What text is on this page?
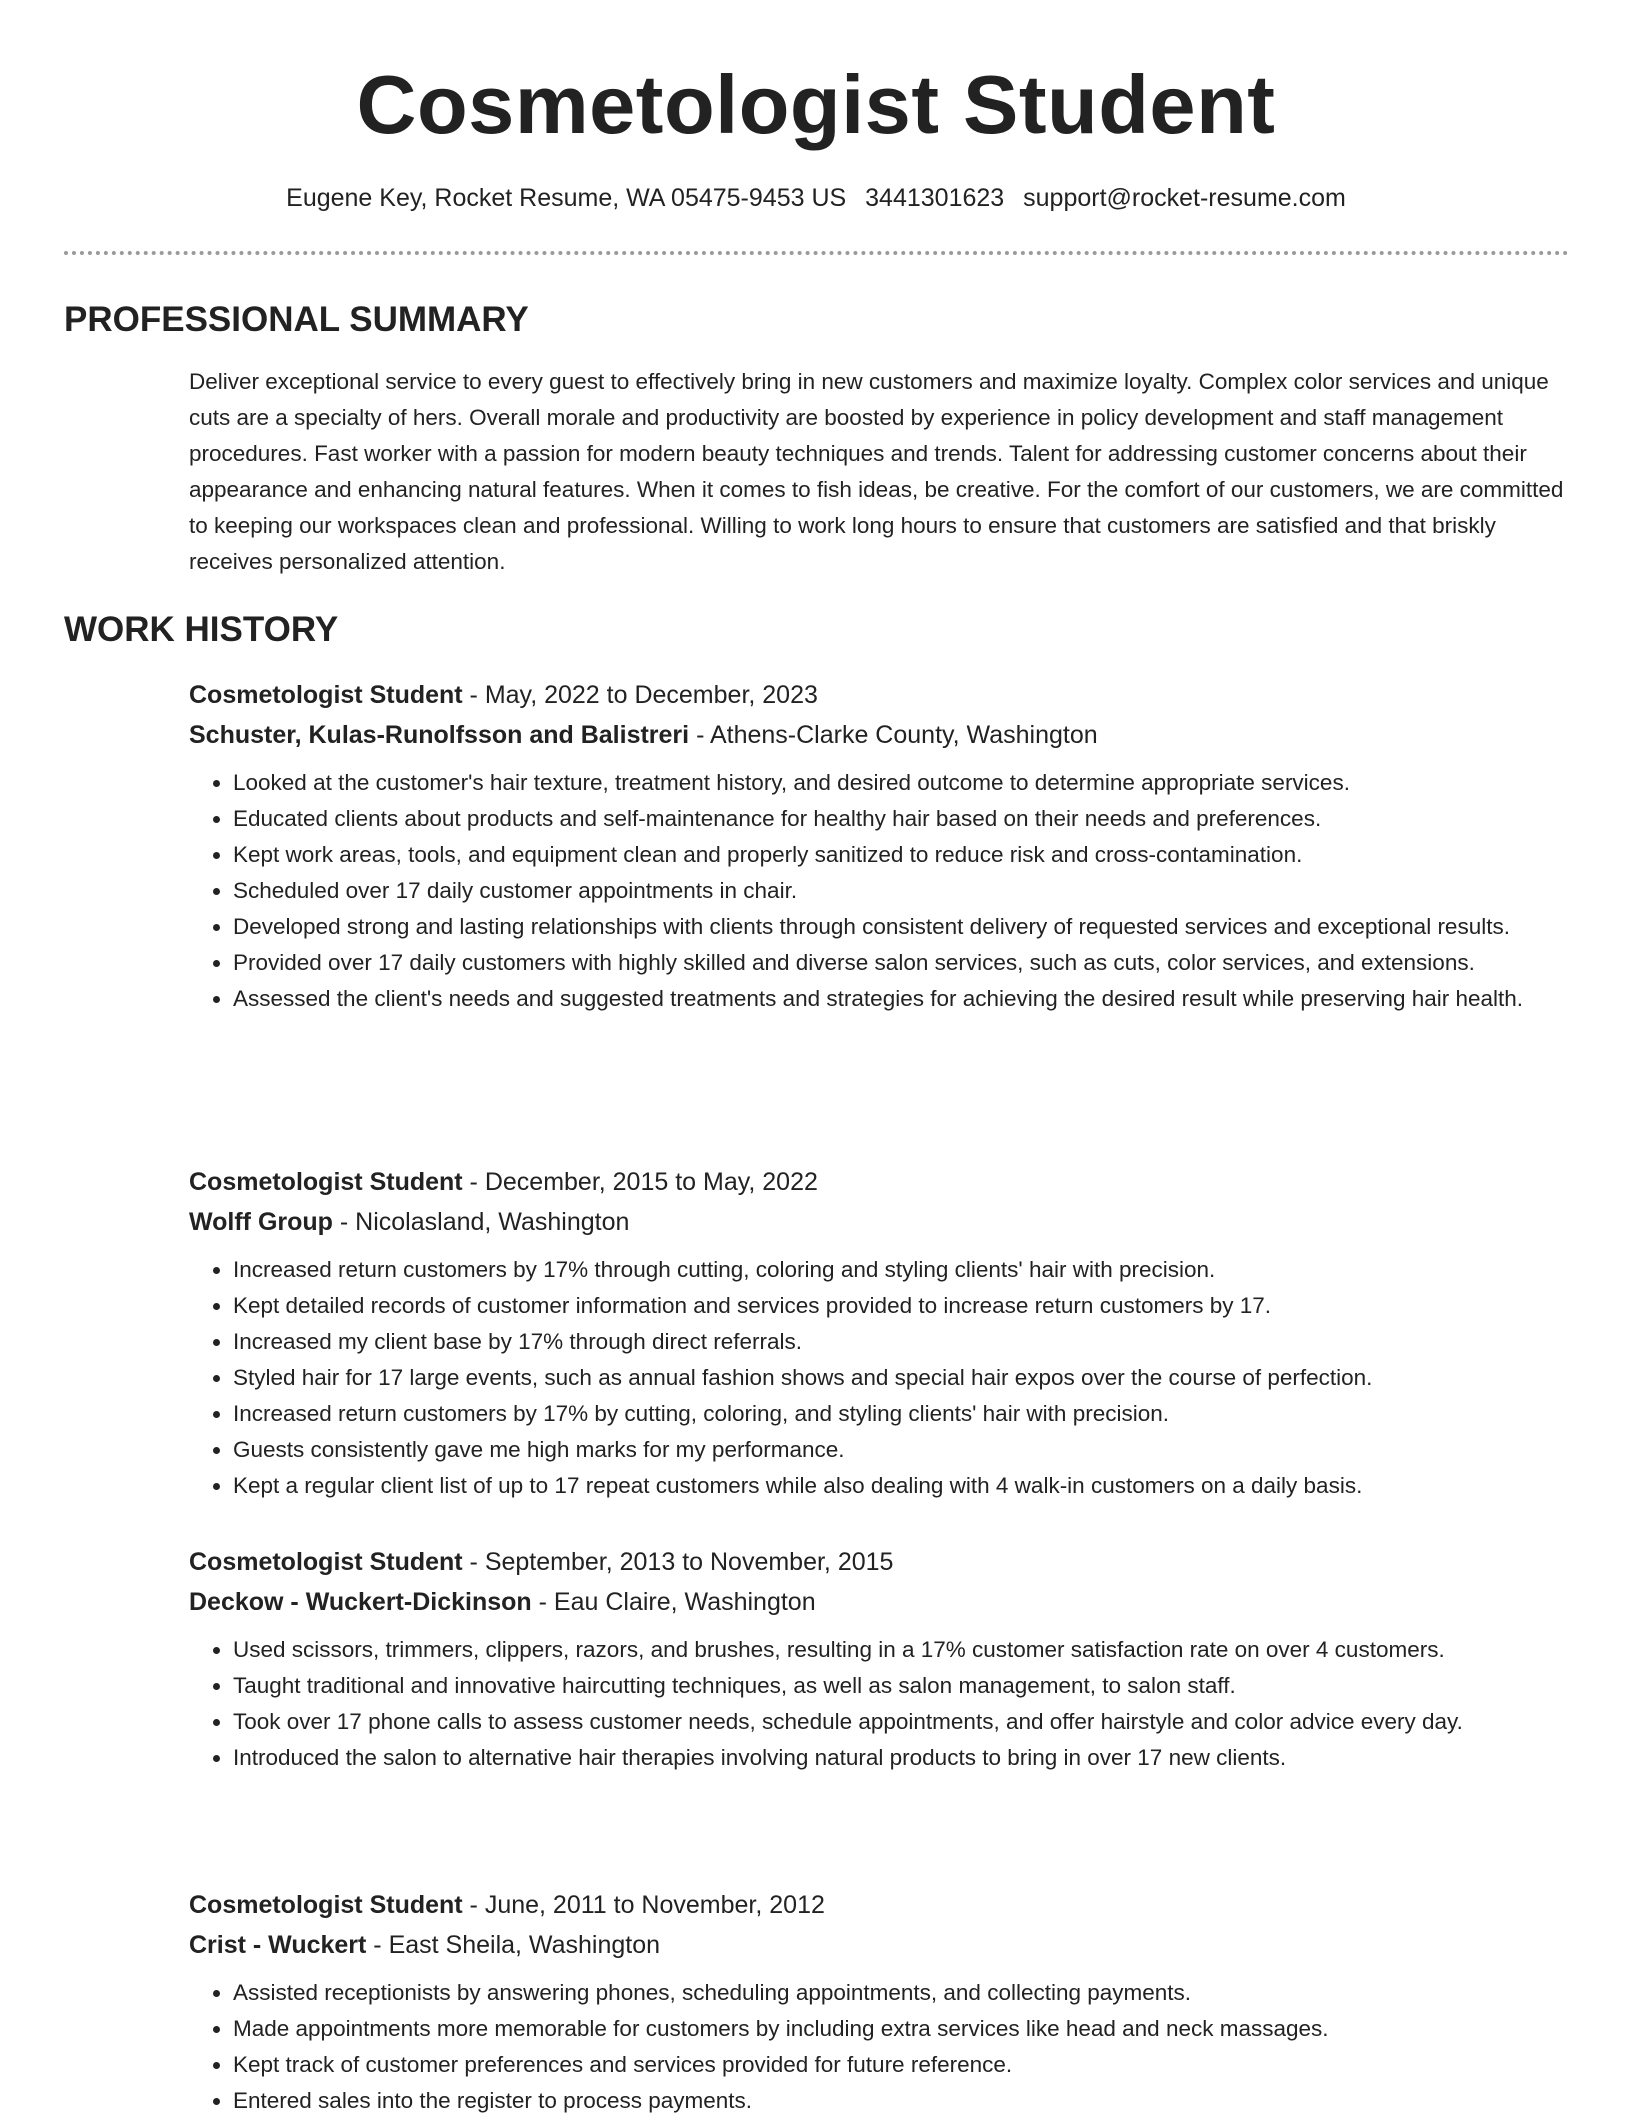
Cosmetologist Student
Eugene Key, Rocket Resume, WA 05475-9453 US 3441301623 support@rocket-resume.com
PROFESSIONAL SUMMARY

Deliver exceptional service to every guest to effectively bring in new customers and maximize loyalty. Complex color services and unique cuts are a specialty of hers. Overall morale and productivity are boosted by experience in policy development and staff management procedures. Fast worker with a passion for modern beauty techniques and trends. Talent for addressing customer concerns about their appearance and enhancing natural features. When it comes to fish ideas, be creative. For the comfort of our customers, we are committed to keeping our workspaces clean and professional. Willing to work long hours to ensure that customers are satisfied and that briskly receives personalized attention.

WORK HISTORY
Cosmetologist Student - May, 2022 to December, 2023
Schuster, Kulas-Runolfsson and Balistreri - Athens-Clarke County, Washington
• Looked at the customer's hair texture, treatment history, and desired outcome to determine appropriate services.
• Educated clients about products and self-maintenance for healthy hair based on their needs and preferences.
• Kept work areas, tools, and equipment clean and properly sanitized to reduce risk and cross-contamination.
• Scheduled over 17 daily customer appointments in chair.
• Developed strong and lasting relationships with clients through consistent delivery of requested services and exceptional results.
• Provided over 17 daily customers with highly skilled and diverse salon services, such as cuts, color services, and extensions.
• Assessed the client's needs and suggested treatments and strategies for achieving the desired result while preserving hair health.
Cosmetologist Student - December, 2015 to May, 2022
Wolff Group - Nicolasland, Washington
• Increased return customers by 17% through cutting, coloring and styling clients' hair with precision.
• Kept detailed records of customer information and services provided to increase return customers by 17.
• Increased my client base by 17% through direct referrals.
• Styled hair for 17 large events, such as annual fashion shows and special hair expos over the course of perfection.
• Increased return customers by 17% by cutting, coloring, and styling clients' hair with precision.
• Guests consistently gave me high marks for my performance.
• Kept a regular client list of up to 17 repeat customers while also dealing with 4 walk-in customers on a daily basis.
Cosmetologist Student - September, 2013 to November, 2015
Deckow - Wuckert-Dickinson - Eau Claire, Washington
• Used scissors, trimmers, clippers, razors, and brushes, resulting in a 17% customer satisfaction rate on over 4 customers.
• Taught traditional and innovative haircutting techniques, as well as salon management, to salon staff.
• Took over 17 phone calls to assess customer needs, schedule appointments, and offer hairstyle and color advice every day.
• Introduced the salon to alternative hair therapies involving natural products to bring in over 17 new clients.
Cosmetologist Student - June, 2011 to November, 2012
Crist - Wuckert - East Sheila, Washington
• Assisted receptionists by answering phones, scheduling appointments, and collecting payments.
• Made appointments more memorable for customers by including extra services like head and neck massages.
• Kept track of customer preferences and services provided for future reference.
• Entered sales into the register to process payments.
